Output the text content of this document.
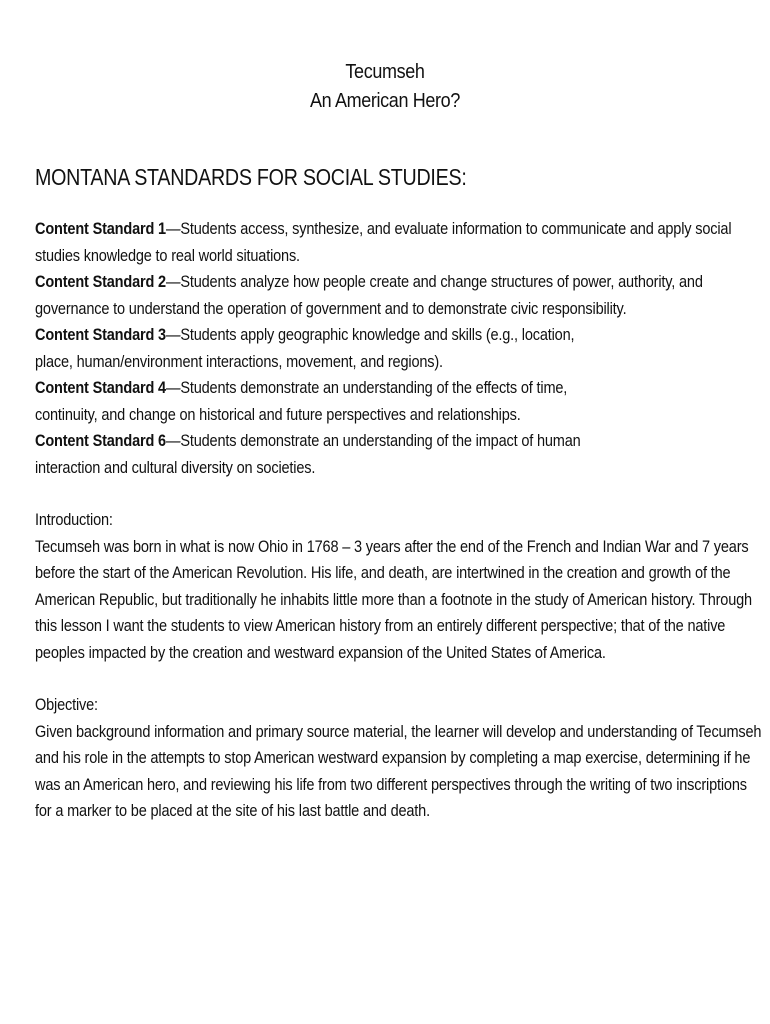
Tecumseh
An American Hero?
MONTANA STANDARDS FOR SOCIAL STUDIES:
Content Standard 1—Students access, synthesize, and evaluate information to communicate and apply social
studies knowledge to real world situations.
Content Standard 2—Students analyze how people create and change structures of power, authority, and
governance to understand the operation of government and to demonstrate civic responsibility.
Content Standard 3—Students apply geographic knowledge and skills (e.g., location,
place, human/environment interactions, movement, and regions).
Content Standard 4—Students demonstrate an understanding of the effects of time,
continuity, and change on historical and future perspectives and relationships.
Content Standard 6—Students demonstrate an understanding of the impact of human
interaction and cultural diversity on societies.
Introduction:
Tecumseh was born in what is now Ohio in 1768 – 3 years after the end of the French and Indian War and 7 years
before the start of the American Revolution. His life, and death, are intertwined in the creation and growth of the
American Republic, but traditionally he inhabits little more than a footnote in the study of American history. Through
this lesson I want the students to view American history from an entirely different perspective; that of the native
peoples impacted by the creation and westward expansion of the United States of America.
Objective:
Given background information and primary source material, the learner will develop and understanding of Tecumseh
and his role in the attempts to stop American westward expansion by completing a map exercise, determining if he
was an American hero, and reviewing his life from two different perspectives through the writing of two inscriptions
for a marker to be placed at the site of his last battle and death.
